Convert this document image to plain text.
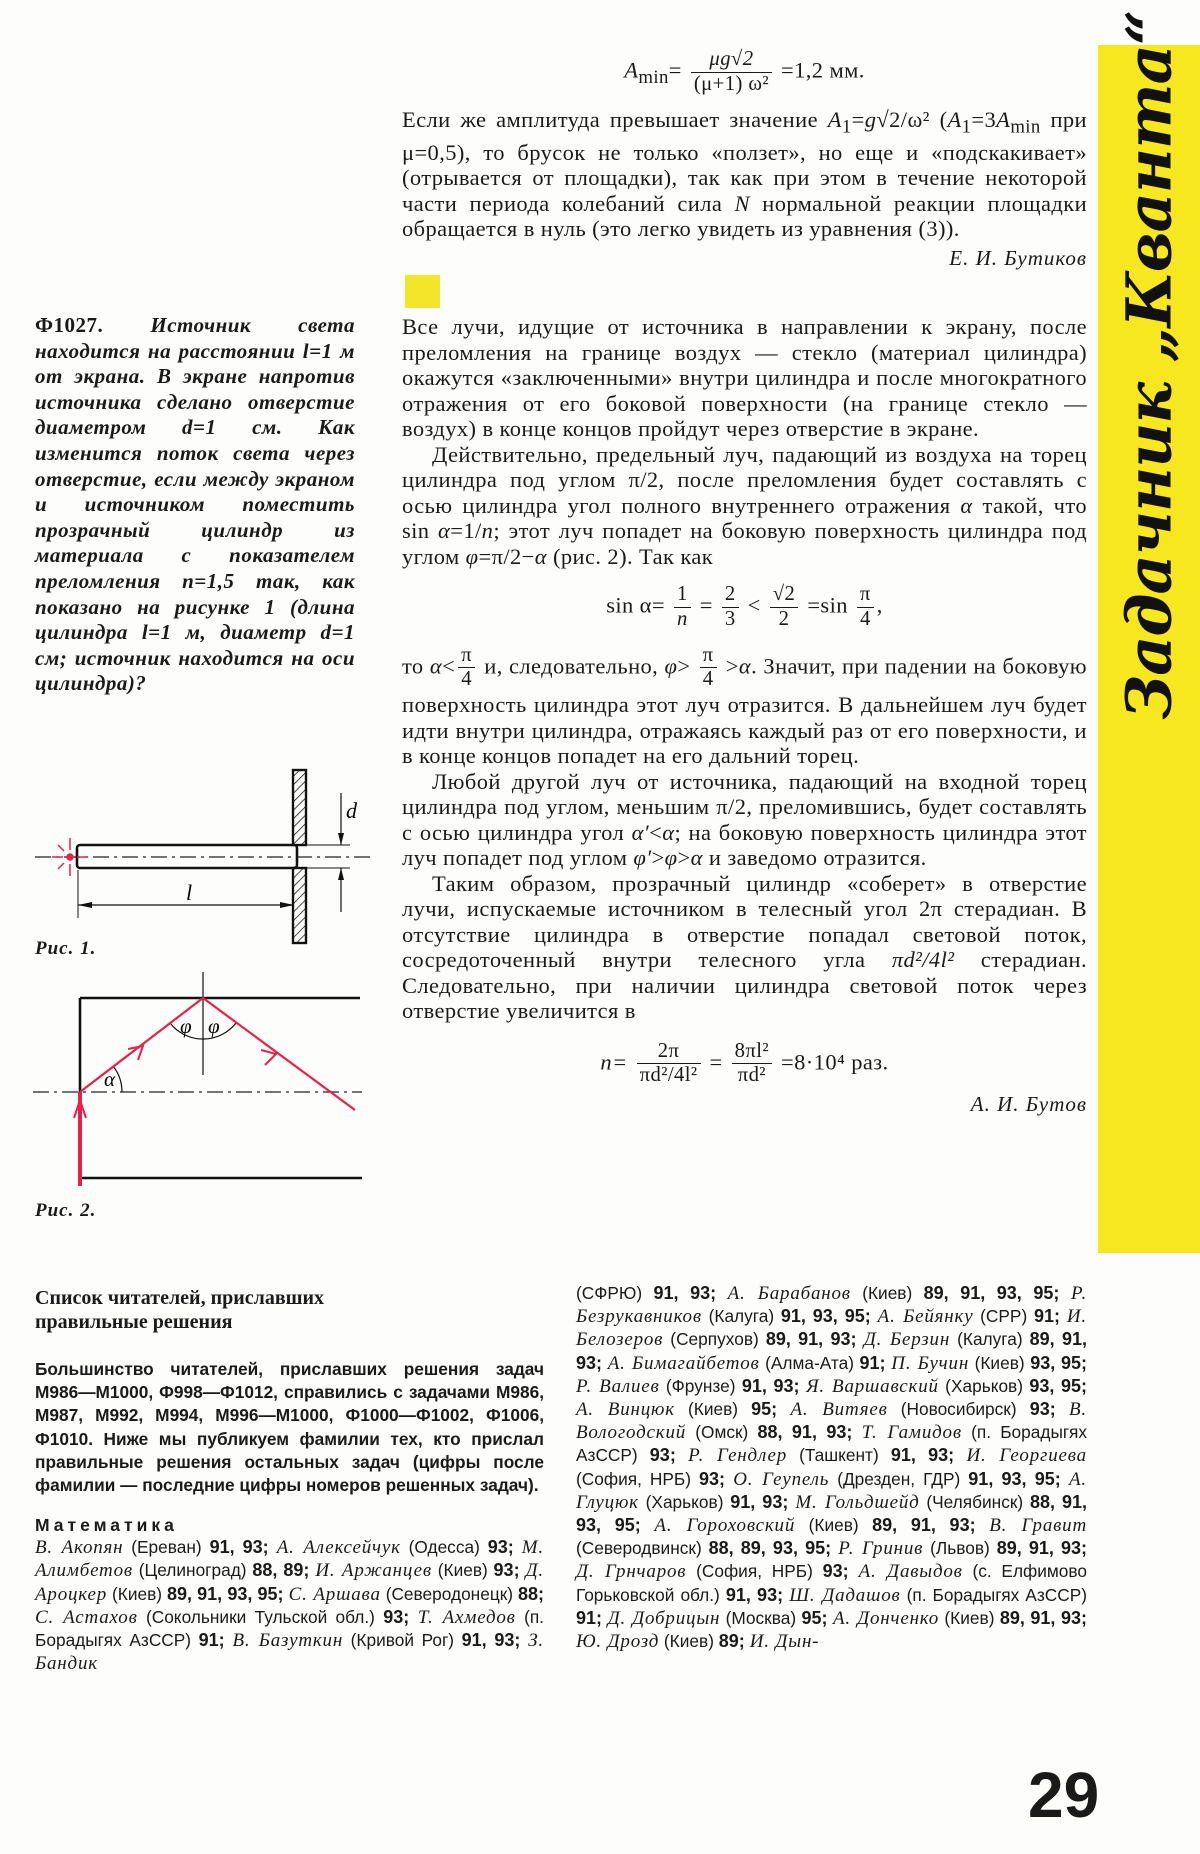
Задачник „Кванта“
$A_{min}= \frac{\mu g√2}{\text{(μ+1) ω²}} =1,2$ мм.

Если же амплитуда превышает значение $A_1=g√2/\omega^2$ ($A_1=3A_{min}$ при μ=0,5), то брусок не только «ползет», но еще и «подскакивает» (отрывается от площадки), так как при этом в течение некоторой части периода колебаний сила N нормальной реакции площадки обращается в нуль (это легко увидеть из уравнения (3)).

Е. И. Бутиков
Ф1027. Источник света находится на расстоянии l=1 м от экрана. В экране напротив источника сделано отверстие диаметром d=1 см. Как изменится поток света через отверстие, если между экраном и источником поместить прозрачный цилиндр из материала с показателем преломления n=1,5 так, как показано на рисунке 1 (длина цилиндра l=1 м, диаметр d=1 см; источник находится на оси цилиндра)?
d
l
φ φ
α
Рис. 1.
Рис. 2.

Все лучи, идущие от источника в направлении к экрану, после преломления на границе воздух — стекло (материал цилиндра) окажутся «заключенными» внутри цилиндра и после многократного отражения от его боковой поверхности (на границе стекло — воздух) в конце концов пройдут через отверстие в экране.

Действительно, предельный луч, падающий из воздуха на торец цилиндра под углом π/2, после преломления будет составлять с осью цилиндра угол полного внутреннего отражения α такой, что sin α=1/n; этот луч попадет на боковую поверхность цилиндра под углом φ=π/2−α (рис. 2). Так как

$\sin \alpha= \frac{1}{n} = \frac{2}{3} < \frac{√2}{2} =\sin \frac{\pi}{4}$ ,

то $\alpha< \frac{\pi}{4} и$, следовательно, $\varphi> \frac{\pi}{4} >\alpha$. Значит, при падении на боковую поверхность цилиндра этот луч отразится. В дальнейшем луч будет идти внутри цилиндра, отражаясь каждый раз от его поверхности, и в конце концов попадет на его дальний торец.

Любой другой луч от источника, падающий на входной торец цилиндра под углом, меньшим π/2, преломившись, будет составлять с осью цилиндра угол α′<α; на боковую поверхность цилиндра этот луч попадет под углом φ′>φ>α и заведомо отразится.

Таким образом, прозрачный цилиндр «соберет» в отверстие лучи, испускаемые источником в телесный угол 2π стерадиан. В отсутствие цилиндра в отверстие попадал световой поток, сосредоточенный внутри телесного угла πd²/4l² стерадиан. Следовательно, при наличии цилиндра световой поток через отверстие увеличится в

$n= \frac{2\pi}{\text{πd²/4l²}} = \frac{\text{8πl²}}{\text{πd²}} =8\cdot 10^4$ раз.
А. И. Бутов
Список читателей, приславших правильные решения
Большинство читателей, приславших решения задач М986—М1000, Ф998—Ф1012, справились с задачами М986, М987, М992, М994, М996—М1000, Ф1000—Ф1002, Ф1006, Ф1010. Ниже мы публикуем фамилии тех, кто прислал правильные решения остальных задач (цифры после фамилии — последние цифры номеров решенных задач).
Математика
В. Акопян (Ереван) 91, 93; А. Алексейчук (Одесса) 93; М. Алимбетов (Целиноград) 88, 89; И. Аржанцев (Киев) 93; Д. Ароцкер (Киев) 89, 91, 93, 95; С. Аршава (Северодонецк) 88; С. Астахов (Сокольники Тульской обл.) 93; Т. Ахмедов (п. Борадыгях АзССР) 91; В. Базуткин (Кривой Рог) 91, 93; З. Бандик
(СФРЮ) 91, 93; А. Барабанов (Киев) 89, 91, 93, 95; Р. Безрукавников (Калуга) 91, 93, 95; А. Бейянку (СРР) 91; И. Белозеров (Серпухов) 89, 91, 93; Д. Берзин (Калуга) 89, 91, 93; А. Бимагайбетов (Алма-Ата) 91; П. Бучин (Киев) 93, 95; Р. Валиев (Фрунзе) 91, 93; Я. Варшавский (Харьков) 93, 95; А. Винцюк (Киев) 95; А. Витяев (Новосибирск) 93; В. Вологодский (Омск) 88, 91, 93; Т. Гамидов (п. Борадыгях АзССР) 93; Р. Гендлер (Ташкент) 91, 93; И. Георгиева (София, НРБ) 93; О. Геупель (Дрезден, ГДР) 91, 93, 95; А. Глуцюк (Харьков) 91, 93; М. Гольдшейд (Челябинск) 88, 91, 93, 95; А. Гороховский (Киев) 89, 91, 93; В. Гравит (Северодвинск) 88, 89, 93, 95; Р. Гринив (Львов) 89, 91, 93; Д. Грнчаров (София, НРБ) 93; А. Давыдов (с. Елфимово Горьковской обл.) 91, 93; Ш. Дадашов (п. Борадыгях АзССР) 91; Д. Добрицын (Москва) 95; А. Донченко (Киев) 89, 91, 93; Ю. Дрозд (Киев) 89; И. Дын-
29
